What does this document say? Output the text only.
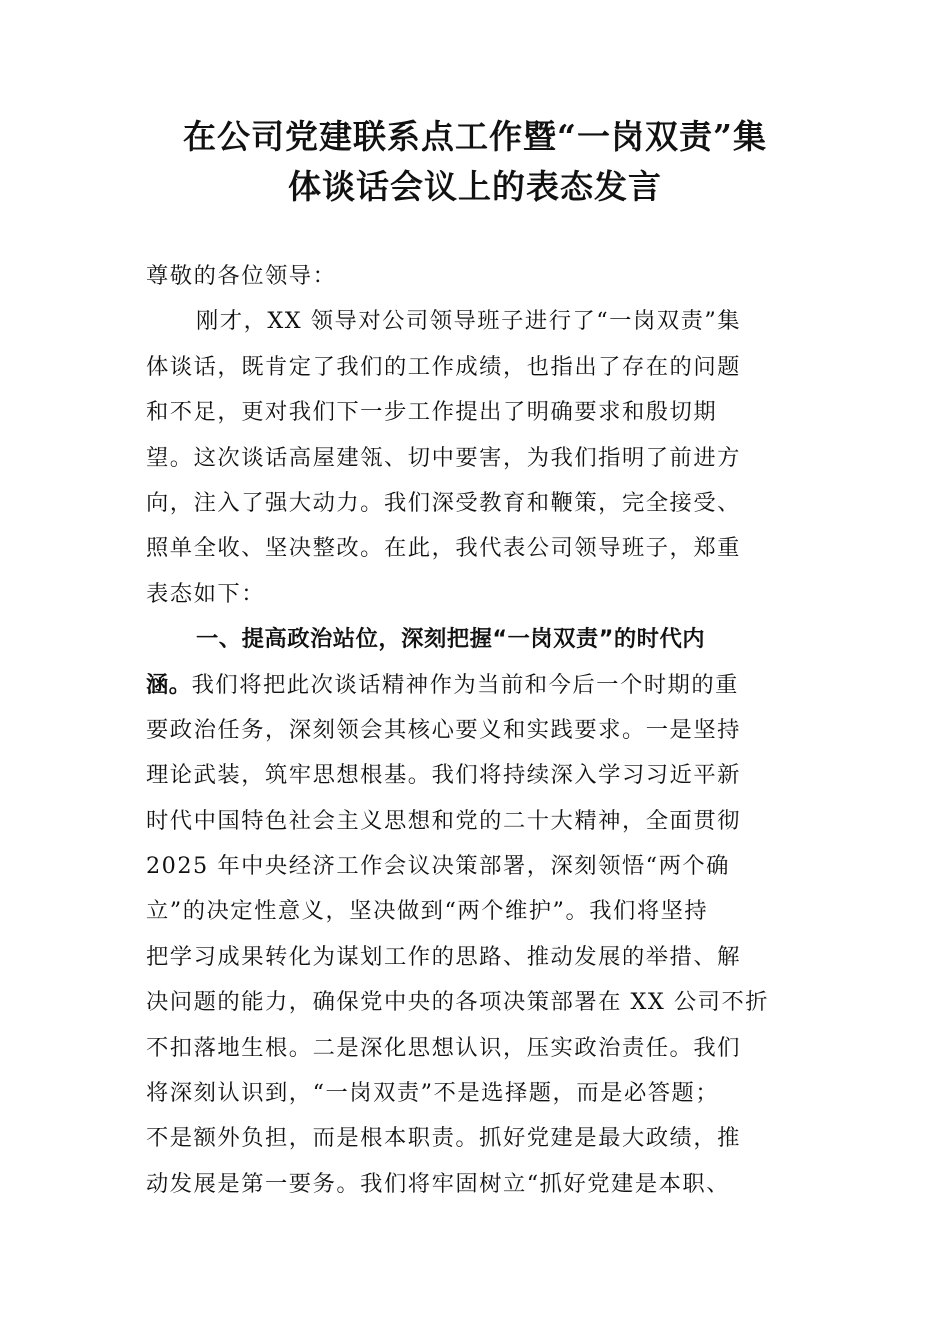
在公司党建联系点工作暨“一岗双责”集
体谈话会议上的表态发言
尊敬的各位领导：
刚才，XX 领导对公司领导班子进行了“一岗双责”集
体谈话，既肯定了我们的工作成绩，也指出了存在的问题
和不足，更对我们下一步工作提出了明确要求和殷切期
望。这次谈话高屋建瓴、切中要害，为我们指明了前进方
向，注入了强大动力。我们深受教育和鞭策，完全接受、
照单全收、坚决整改。在此，我代表公司领导班子，郑重
表态如下：
一、提高政治站位，深刻把握“一岗双责”的时代内
涵。我们将把此次谈话精神作为当前和今后一个时期的重
要政治任务，深刻领会其核心要义和实践要求。一是坚持
理论武装，筑牢思想根基。我们将持续深入学习习近平新
时代中国特色社会主义思想和党的二十大精神，全面贯彻
2025 年中央经济工作会议决策部署，深刻领悟“两个确
立”的决定性意义，坚决做到“两个维护”。我们将坚持
把学习成果转化为谋划工作的思路、推动发展的举措、解
决问题的能力，确保党中央的各项决策部署在 XX 公司不折
不扣落地生根。二是深化思想认识，压实政治责任。我们
将深刻认识到，“一岗双责”不是选择题，而是必答题；
不是额外负担，而是根本职责。抓好党建是最大政绩，推
动发展是第一要务。我们将牢固树立“抓好党建是本职、
